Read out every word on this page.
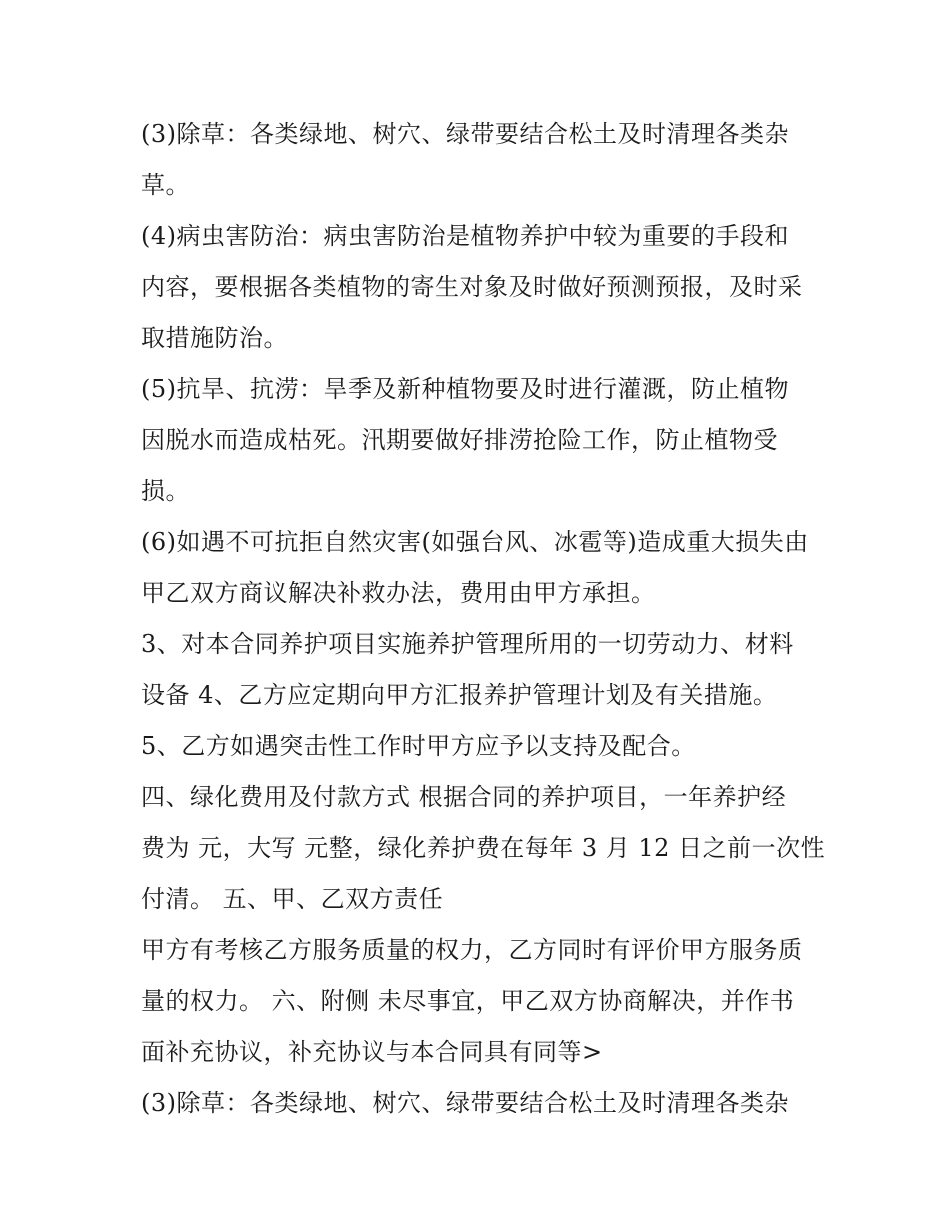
(3)除草：各类绿地、树穴、绿带要结合松土及时清理各类杂
草。
(4)病虫害防治：病虫害防治是植物养护中较为重要的手段和
内容，要根据各类植物的寄生对象及时做好预测预报，及时采
取措施防治。
(5)抗旱、抗涝：旱季及新种植物要及时进行灌溉，防止植物
因脱水而造成枯死。汛期要做好排涝抢险工作，防止植物受
损。
(6)如遇不可抗拒自然灾害(如强台风、冰雹等)造成重大损失由
甲乙双方商议解决补救办法，费用由甲方承担。
3、对本合同养护项目实施养护管理所用的一切劳动力、材料
设备 4、乙方应定期向甲方汇报养护管理计划及有关措施。
5、乙方如遇突击性工作时甲方应予以支持及配合。
四、绿化费用及付款方式 根据合同的养护项目，一年养护经
费为 元，大写 元整，绿化养护费在每年 3 月 12 日之前一次性
付清。 五、甲、乙双方责任
甲方有考核乙方服务质量的权力，乙方同时有评价甲方服务质
量的权力。 六、附侧 未尽事宜，甲乙双方协商解决，并作书
面补充协议，补充协议与本合同具有同等>
(3)除草：各类绿地、树穴、绿带要结合松土及时清理各类杂
